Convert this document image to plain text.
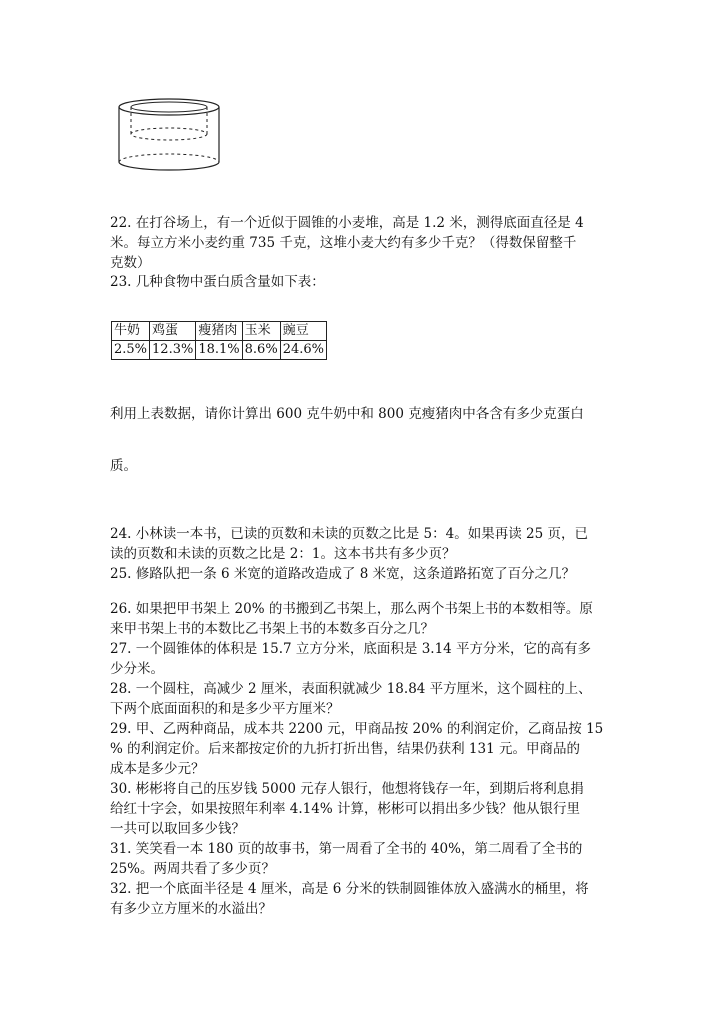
22. 在打谷场上，有一个近似于圆锥的小麦堆，高是 1.2 米，测得底面直径是 4
米。每立方米小麦约重 735 千克，这堆小麦大约有多少千克？（得数保留整千
克数）
23. 几种食物中蛋白质含量如下表：
牛奶	鸡蛋	瘦猪肉	玉米	豌豆
2.5%	12.3%	18.1%	8.6%	24.6%
利用上表数据，请你计算出 600 克牛奶中和 800 克瘦猪肉中各含有多少克蛋白
质。
24. 小林读一本书，已读的页数和未读的页数之比是 5：4。如果再读 25 页，已
读的页数和未读的页数之比是 2：1。这本书共有多少页？
25. 修路队把一条 6 米宽的道路改造成了 8 米宽，这条道路拓宽了百分之几？
26. 如果把甲书架上 20% 的书搬到乙书架上，那么两个书架上书的本数相等。原
来甲书架上书的本数比乙书架上书的本数多百分之几？
27. 一个圆锥体的体积是 15.7 立方分米，底面积是 3.14 平方分米，它的高有多
少分米。
28. 一个圆柱，高减少 2 厘米，表面积就减少 18.84 平方厘米，这个圆柱的上、
下两个底面面积的和是多少平方厘米？
29. 甲、乙两种商品，成本共 2200 元，甲商品按 20% 的利润定价，乙商品按 15
% 的利润定价。后来都按定价的九折打折出售，结果仍获利 131 元。甲商品的
成本是多少元？
30. 彬彬将自己的压岁钱 5000 元存人银行，他想将钱存一年，到期后将利息捐
给红十字会，如果按照年利率 4.14% 计算，彬彬可以捐出多少钱？他从银行里
一共可以取回多少钱？
31. 笑笑看一本 180 页的故事书，第一周看了全书的 40%，第二周看了全书的
25%。两周共看了多少页？
32. 把一个底面半径是 4 厘米，高是 6 分米的铁制圆锥体放入盛满水的桶里，将
有多少立方厘米的水溢出？
